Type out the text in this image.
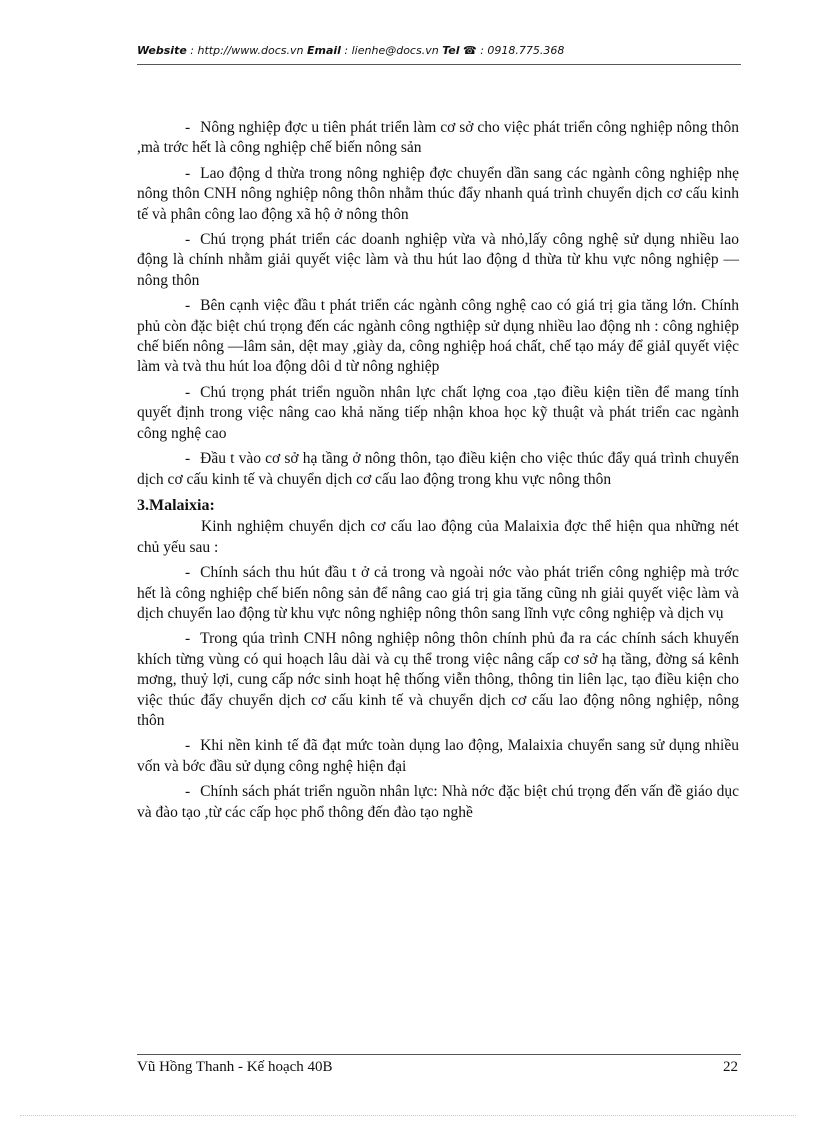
Website : http://www.docs.vn Email : lienhe@docs.vn Tel ☎ : 0918.775.368

- Nông nghiệp đợc u tiên phát triển làm cơ sở cho việc phát triển công nghiệp nông thôn ,mà trớc hết là công nghiệp chế biến nông sản

- Lao động d thừa trong nông nghiệp đợc chuyển dần sang các ngành công nghiệp nhẹ nông thôn CNH nông nghiệp nông thôn nhằm thúc đẩy nhanh quá trình chuyển dịch cơ cấu kinh tế và phân công lao động xã hộ ở nông thôn

- Chú trọng phát triển các doanh nghiệp vừa và nhỏ,lấy công nghệ sử dụng nhiều lao động là chính nhằm giải quyết việc làm và thu hút lao động d thừa từ khu vực nông nghiệp —nông thôn

- Bên cạnh việc đầu t phát triển các ngành công nghệ cao có giá trị gia tăng lớn. Chính phủ còn đặc biệt chú trọng đến các ngành công ngthiệp sử dụng nhiều lao động nh : công nghiệp chế biến nông —lâm sản, dệt may ,giày da, công nghiệp hoá chất, chế tạo máy để giảI quyết việc làm và tvà thu hút loa động dôi d từ nông nghiệp

- Chú trọng phát triển nguồn nhân lực chất lợng coa ,tạo điều kiện tiền để mang tính quyết định trong việc nâng cao khả năng tiếp nhận khoa học kỹ thuật và phát triển cac ngành công nghệ cao

- Đầu t vào cơ sở hạ tầng ở nông thôn, tạo điều kiện cho việc thúc đẩy quá trình chuyển dịch cơ cấu kinh tế và chuyển dịch cơ cấu lao động trong khu vực nông thôn

3.Malaixia:

Kinh nghiệm chuyển dịch cơ cấu lao động của Malaixia đợc thể hiện qua những nét chủ yếu sau :

- Chính sách thu hút đầu t ở cả trong và ngoài nớc vào phát triển công nghiệp mà trớc hết là công nghiệp chế biến nông sản để nâng cao giá trị gia tăng cũng nh giải quyết việc làm và dịch chuyển lao động từ khu vực nông nghiệp nông thôn sang lĩnh vực công nghiệp và dịch vụ

- Trong qúa trình CNH nông nghiệp nông thôn chính phủ đa ra các chính sách khuyến khích từng vùng có qui hoạch lâu dài và cụ thể trong việc nâng cấp cơ sở hạ tầng, đờng sá kênh mơng, thuỷ lợi, cung cấp nớc sinh hoạt hệ thống viễn thông, thông tin liên lạc, tạo điều kiện cho việc thúc đẩy chuyển dịch cơ cấu kinh tế và chuyển dịch cơ cấu lao động nông nghiệp, nông thôn

- Khi nền kinh tế đã đạt mức toàn dụng lao động, Malaixia chuyển sang sử dụng nhiều vốn và bớc đầu sử dụng công nghệ hiện đại

- Chính sách phát triển nguồn nhân lực: Nhà nớc đặc biệt chú trọng đến vấn đề giáo dục và đào tạo ,từ các cấp học phổ thông đến đào tạo nghề

Vũ Hồng Thanh - Kế hoạch 40B	22
